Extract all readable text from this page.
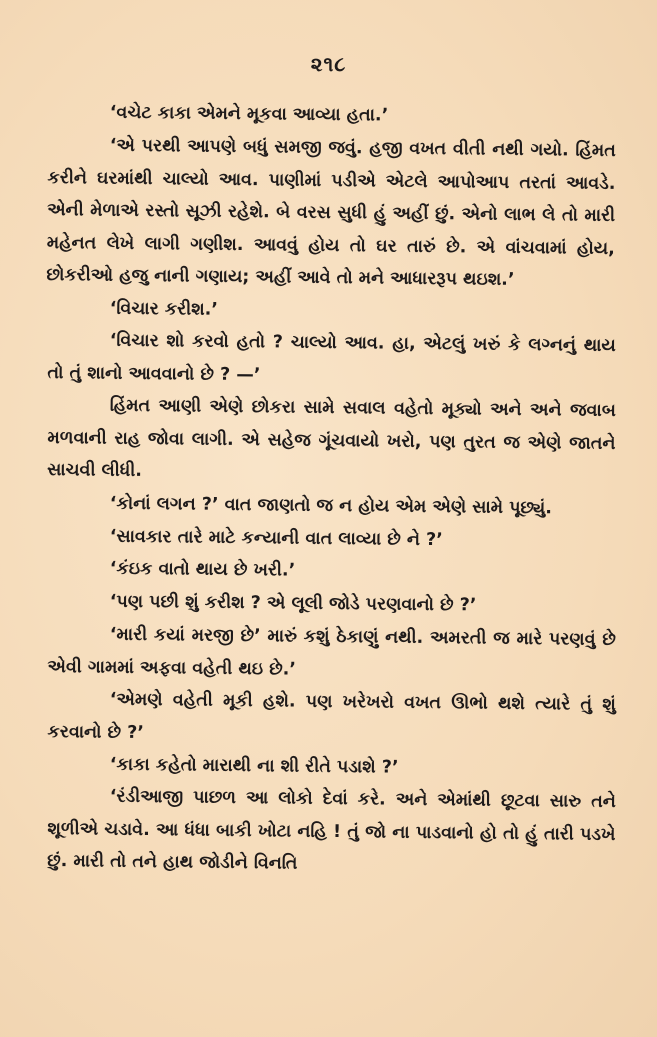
૨૧૮

‘વચેટ કાકા એમને મૂકવા આવ્યા હતા.’

‘એ પરથી આપણે બધું સમજી જવું. હજી વખત વીતી નથી ગયો. હિંમત કરીને ઘરમાંથી ચાલ્યો આવ. પાણીમાં પડીએ એટલે આપોઆપ તરતાં આવડે. એની મેળાએ રસ્તો સૂઝી રહેશે. બે વરસ સુધી હું અહીં છું. એનો લાભ લે તો મારી મહેનત લેખે લાગી ગણીશ. આવવું હોય તો ઘર તારું છે. એ વાંચવામાં હોય, છોકરીઓ હજુ નાની ગણાય; અહીં આવે તો મને આધારરૂપ થઇશ.’

‘વિચાર કરીશ.’

‘વિચાર શો કરવો હતો ? ચાલ્યો આવ. હા, એટલું ખરું કે લગ્નનું થાય તો તું શાનો આવવાનો છે ? —’

હિંમત આણી એણે છોકરા સામે સવાલ વહેતો મૂક્યો અને અને જવાબ મળવાની રાહ જોવા લાગી. એ સહેજ ગૂંચવાયો ખરો, પણ તુરત જ એણે જાતને સાચવી લીધી.

‘કોનાં લગન ?’ વાત જાણતો જ ન હોય એમ એણે સામે પૂછ્યું.

‘સાવકાર તારે માટે કન્યાની વાત લાવ્યા છે ને ?’

‘કંઇક વાતો થાય છે ખરી.’

‘પણ પછી શું કરીશ ? એ લૂલી જોડે પરણવાનો છે ?’

‘મારી કયાં મરજી છે’ મારું કશું ઠેકાણું નથી. અમરતી જ મારે પરણવું છે એવી ગામમાં અફવા વહેતી થઇ છે.’

‘એમણે વહેતી મૂકી હશે. પણ ખરેખરો વખત ઊભો થશે ત્યારે તું શું કરવાનો છે ?’

‘કાકા કહેતો મારાથી ના શી રીતે પડાશે ?’

‘રંડીઆજી પાછળ આ લોકો દેવાં કરે. અને એમાંથી છૂટવા સારુ તને શૂળીએ ચડાવે. આ ધંધા બાકી ખોટા નહિ ! તું જો ના પાડવાનો હો તો હું તારી પડખે છું. મારી તો તને હાથ જોડીને વિનતિ
